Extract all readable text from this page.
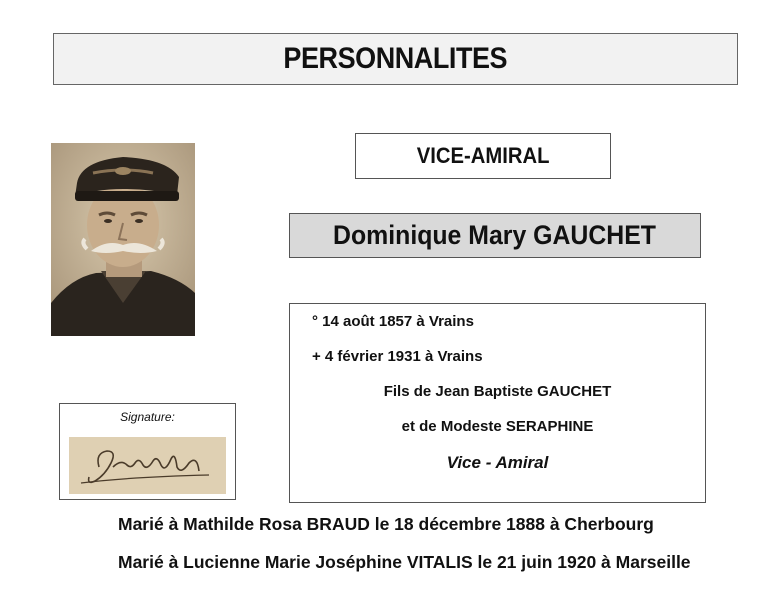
PERSONNALITES
VICE-AMIRAL
Dominique Mary GAUCHET
° 14 août 1857 à Vrains
+ 4 février 1931 à Vrains
Fils de Jean Baptiste GAUCHET
et de Modeste SERAPHINE
Vice - Amiral
Signature:
Marié à Mathilde Rosa BRAUD le 18 décembre 1888 à Cherbourg
Marié à Lucienne Marie Joséphine VITALIS le 21 juin 1920 à Marseille
